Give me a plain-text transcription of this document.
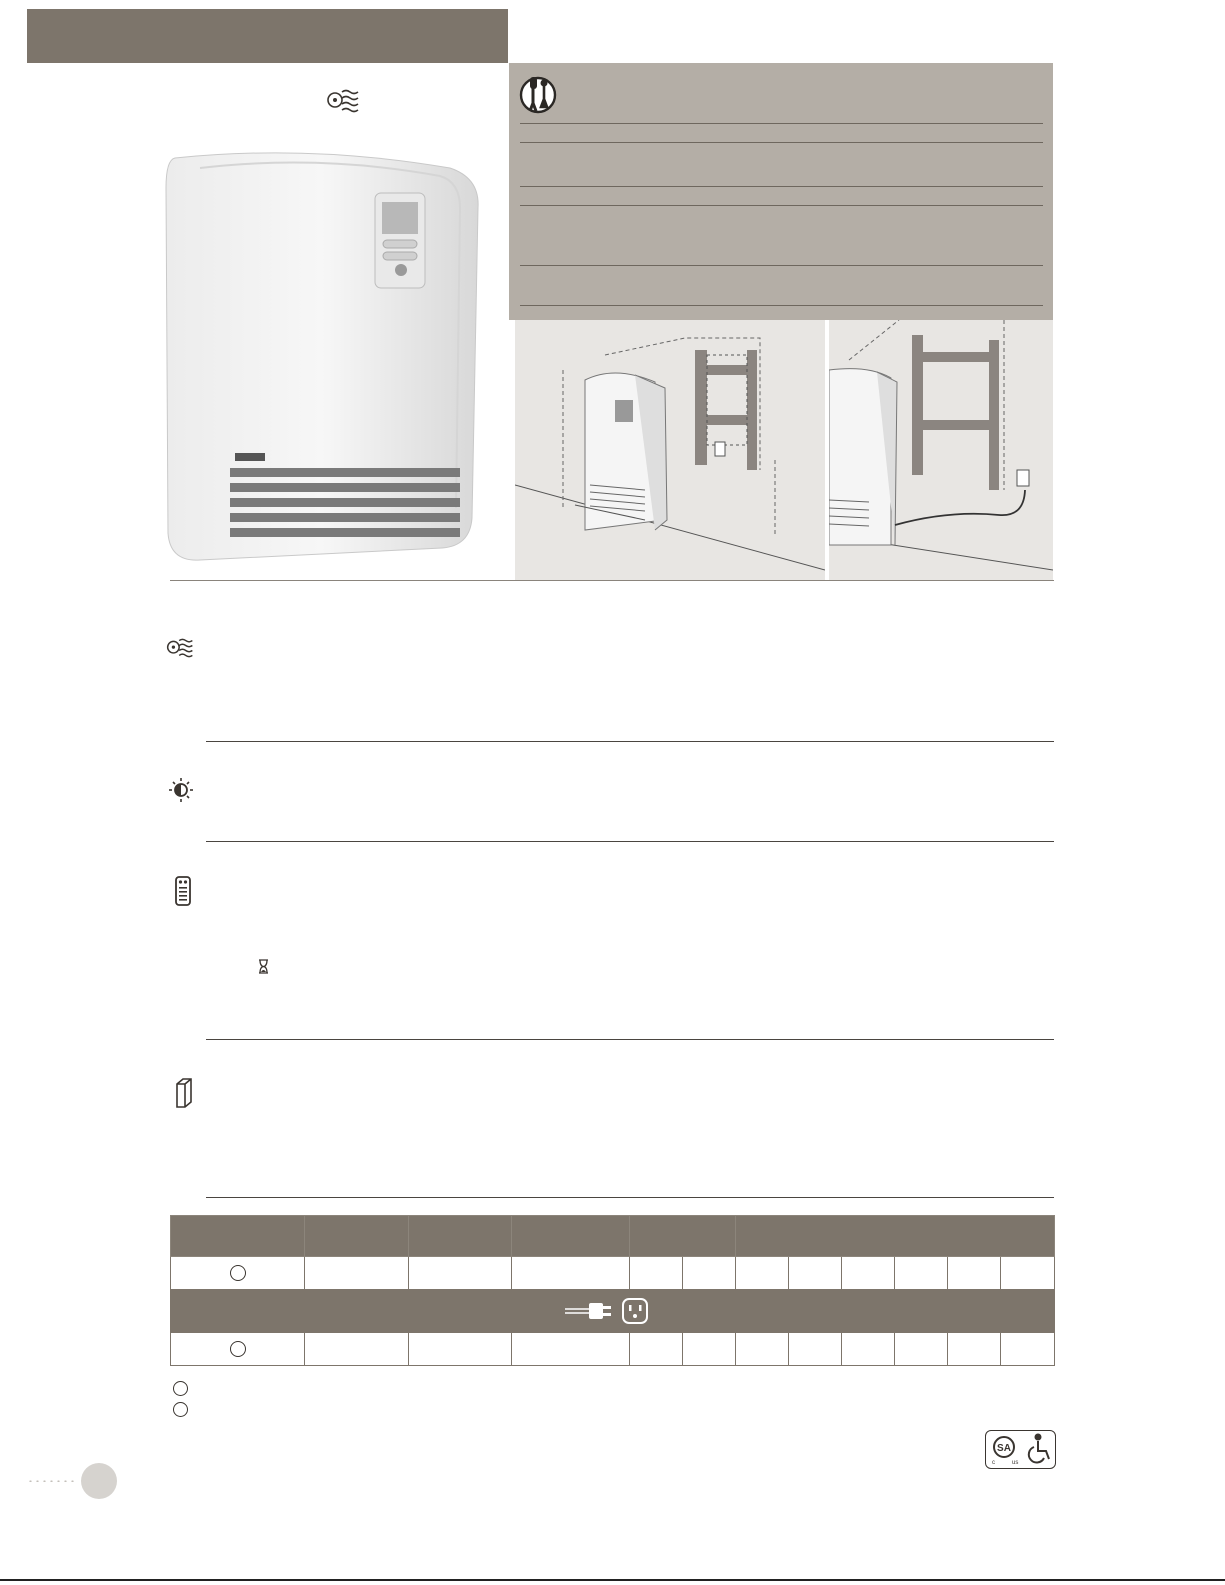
SA
c	us
